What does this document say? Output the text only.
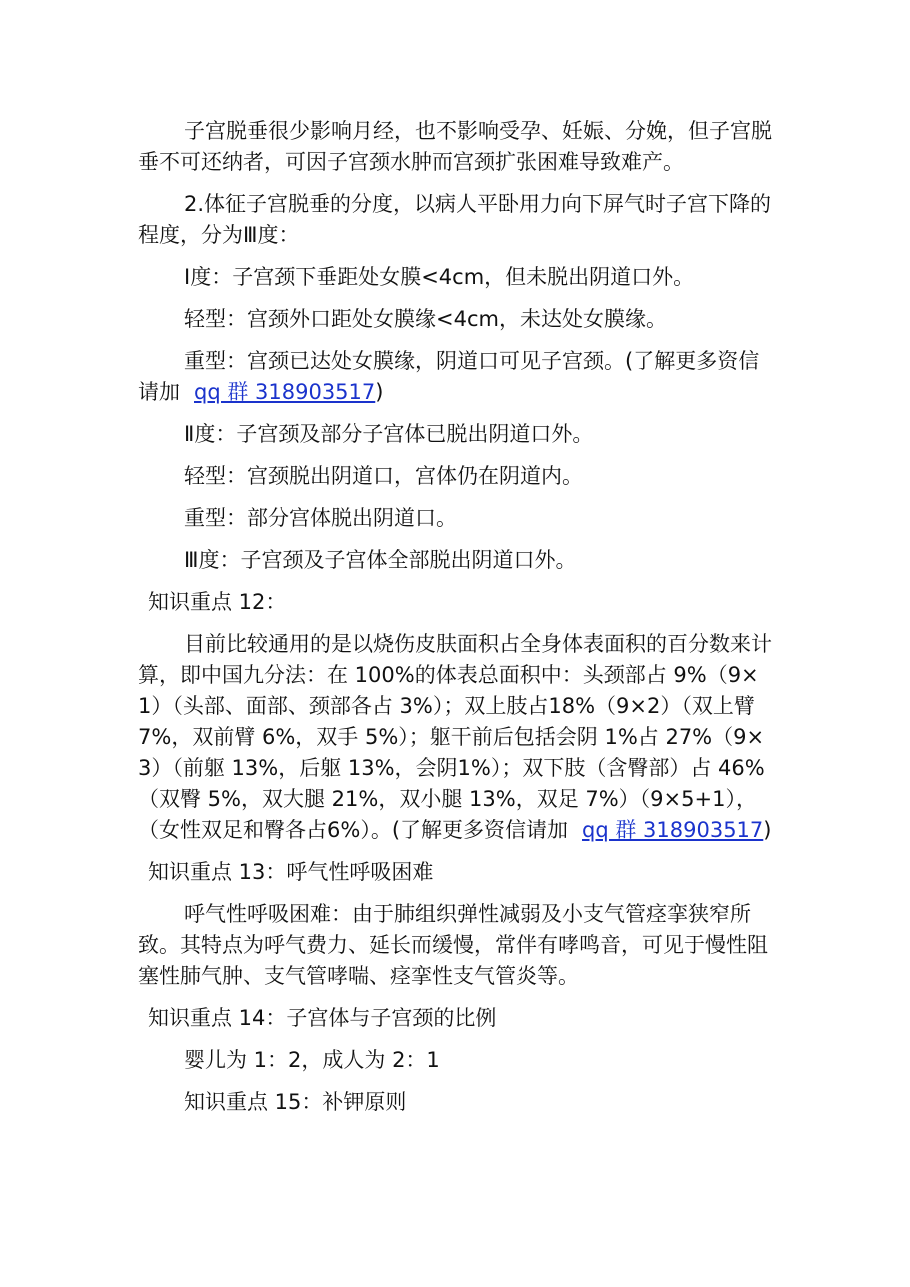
子宫脱垂很少影响月经，也不影响受孕、妊娠、分娩，但子宫脱垂不可还纳者，可因子宫颈水肿而宫颈扩张困难导致难产。

2.体征子宫脱垂的分度，以病人平卧用力向下屏气时子宫下降的程度，分为Ⅲ度：

Ⅰ度：子宫颈下垂距处女膜<4cm，但未脱出阴道口外。

轻型：宫颈外口距处女膜缘<4cm，未达处女膜缘。

重型：宫颈已达处女膜缘，阴道口可见子宫颈。(了解更多资信请加 qq 群 318903517)

Ⅱ度：子宫颈及部分子宫体已脱出阴道口外。

轻型：宫颈脱出阴道口，宫体仍在阴道内。

重型：部分宫体脱出阴道口。

Ⅲ度：子宫颈及子宫体全部脱出阴道口外。

知识重点 12：

目前比较通用的是以烧伤皮肤面积占全身体表面积的百分数来计算，即中国九分法：在 100%的体表总面积中：头颈部占 9%（9×1）（头部、面部、颈部各占 3%）；双上肢占18%（9×2）（双上臂 7%，双前臂 6%，双手 5%）；躯干前后包括会阴 1%占 27%（9×3）（前躯 13%，后躯 13%，会阴1%）；双下肢（含臀部）占 46%（双臀 5%，双大腿 21%，双小腿 13%，双足 7%）（9×5+1），（女性双足和臀各占6%）。(了解更多资信请加 qq 群 318903517)

知识重点 13：呼气性呼吸困难

呼气性呼吸困难：由于肺组织弹性减弱及小支气管痉挛狭窄所致。其特点为呼气费力、延长而缓慢，常伴有哮鸣音，可见于慢性阻塞性肺气肿、支气管哮喘、痉挛性支气管炎等。

知识重点 14：子宫体与子宫颈的比例

婴儿为 1：2，成人为 2：1

知识重点 15：补钾原则
